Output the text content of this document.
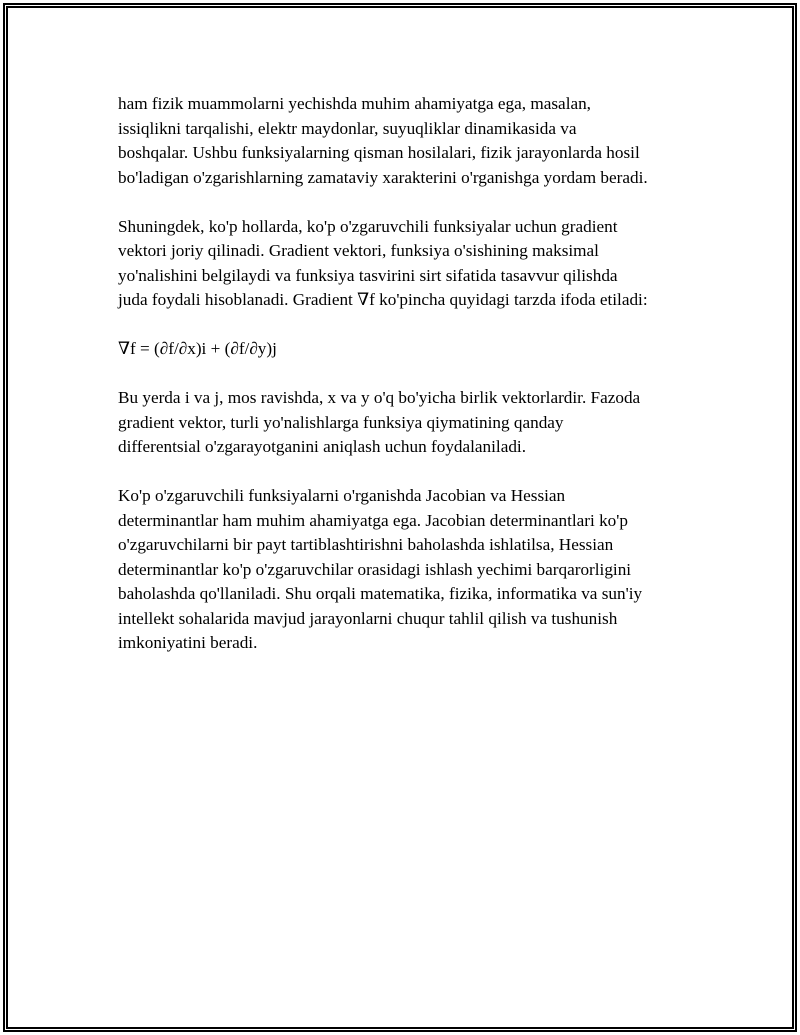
ham fizik muammolarni yechishda muhim ahamiyatga ega, masalan,
issiqlikni tarqalishi, elektr maydonlar, suyuqliklar dinamikasida va
boshqalar. Ushbu funksiyalarning qisman hosilalari, fizik jarayonlarda hosil
bo'ladigan o'zgarishlarning zamataviy xarakterini o'rganishga yordam beradi.

Shuningdek, ko'p hollarda, ko'p o'zgaruvchili funksiyalar uchun gradient
vektori joriy qilinadi. Gradient vektori, funksiya o'sishining maksimal
yo'nalishini belgilaydi va funksiya tasvirini sirt sifatida tasavvur qilishda
juda foydali hisoblanadi. Gradient ∇f ko'pincha quyidagi tarzda ifoda etiladi:

∇f = (∂f/∂x)i + (∂f/∂y)j

Bu yerda i va j, mos ravishda, x va y o'q bo'yicha birlik vektorlardir. Fazoda
gradient vektor, turli yo'nalishlarga funksiya qiymatining qanday
differentsial o'zgarayotganini aniqlash uchun foydalaniladi.

Ko'p o'zgaruvchili funksiyalarni o'rganishda Jacobian va Hessian
determinantlar ham muhim ahamiyatga ega. Jacobian determinantlari ko'p
o'zgaruvchilarni bir payt tartiblashtirishni baholashda ishlatilsa, Hessian
determinantlar ko'p o'zgaruvchilar orasidagi ishlash yechimi barqarorligini
baholashda qo'llaniladi. Shu orqali matematika, fizika, informatika va sun'iy
intellekt sohalarida mavjud jarayonlarni chuqur tahlil qilish va tushunish
imkoniyatini beradi.
